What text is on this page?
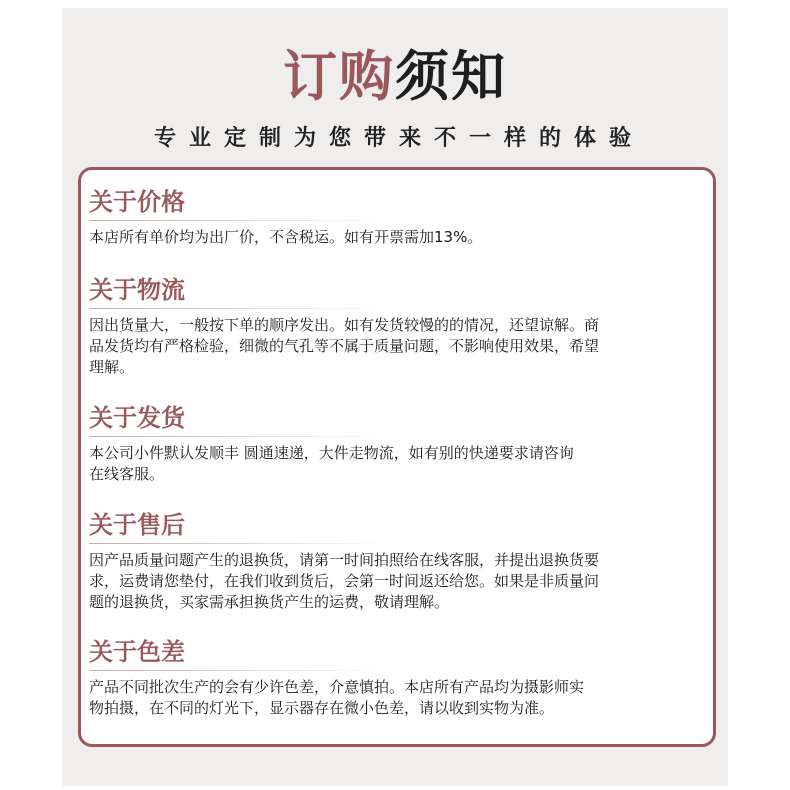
订购须知
专业定制为您带来不一样的体验
关于价格
本店所有单价均为出厂价，不含税运。如有开票需加13%。
关于物流
因出货量大，一般按下单的顺序发出。如有发货较慢的的情况，还望谅解。商
品发货均有严格检验，细微的气孔等不属于质量问题，不影响使用效果，希望
理解。
关于发货
本公司小件默认发顺丰 圆通速递，大件走物流，如有别的快递要求请咨询
在线客服。
关于售后
因产品质量问题产生的退换货，请第一时间拍照给在线客服，并提出退换货要
求，运费请您垫付，在我们收到货后，会第一时间返还给您。如果是非质量问
题的退换货，买家需承担换货产生的运费，敬请理解。
关于色差
产品不同批次生产的会有少许色差，介意慎拍。本店所有产品均为摄影师实
物拍摄，在不同的灯光下，显示器存在微小色差，请以收到实物为准。
